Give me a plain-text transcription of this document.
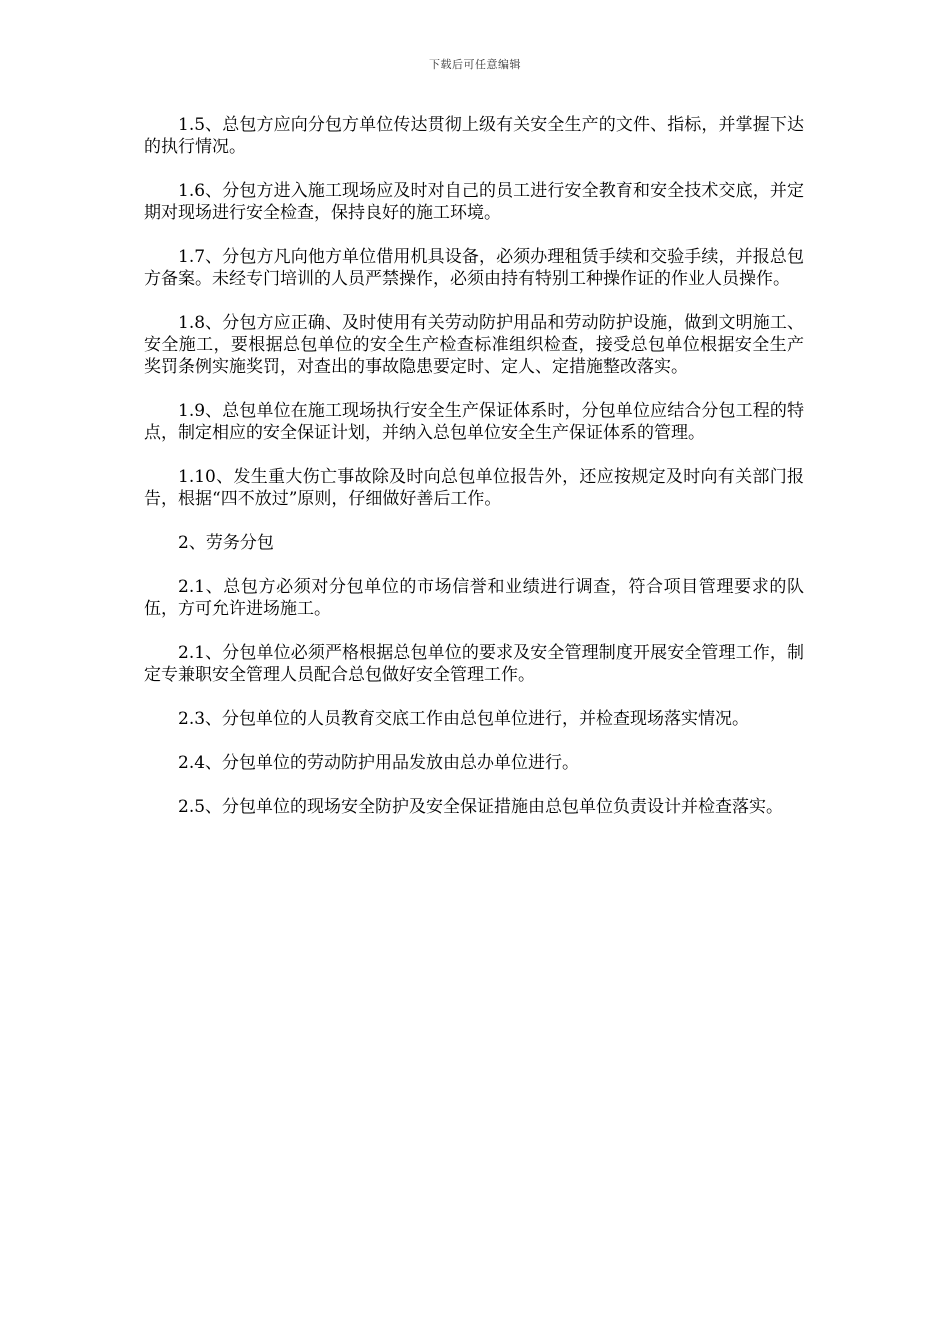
下载后可任意编辑

1.5、总包方应向分包方单位传达贯彻上级有关安全生产的文件、指标，并掌握下达的执行情况。

1.6、分包方进入施工现场应及时对自己的员工进行安全教育和安全技术交底，并定期对现场进行安全检查，保持良好的施工环境。

1.7、分包方凡向他方单位借用机具设备，必须办理租赁手续和交验手续，并报总包方备案。未经专门培训的人员严禁操作，必须由持有特别工种操作证的作业人员操作。

1.8、分包方应正确、及时使用有关劳动防护用品和劳动防护设施，做到文明施工、安全施工，要根据总包单位的安全生产检查标准组织检查，接受总包单位根据安全生产奖罚条例实施奖罚，对查出的事故隐患要定时、定人、定措施整改落实。

1.9、总包单位在施工现场执行安全生产保证体系时，分包单位应结合分包工程的特点，制定相应的安全保证计划，并纳入总包单位安全生产保证体系的管理。

1.10、发生重大伤亡事故除及时向总包单位报告外，还应按规定及时向有关部门报告，根据“四不放过”原则，仔细做好善后工作。

2、劳务分包

2.1、总包方必须对分包单位的市场信誉和业绩进行调查，符合项目管理要求的队伍，方可允许进场施工。

2.1、分包单位必须严格根据总包单位的要求及安全管理制度开展安全管理工作，制定专兼职安全管理人员配合总包做好安全管理工作。

2.3、分包单位的人员教育交底工作由总包单位进行，并检查现场落实情况。

2.4、分包单位的劳动防护用品发放由总办单位进行。

2.5、分包单位的现场安全防护及安全保证措施由总包单位负责设计并检查落实。
